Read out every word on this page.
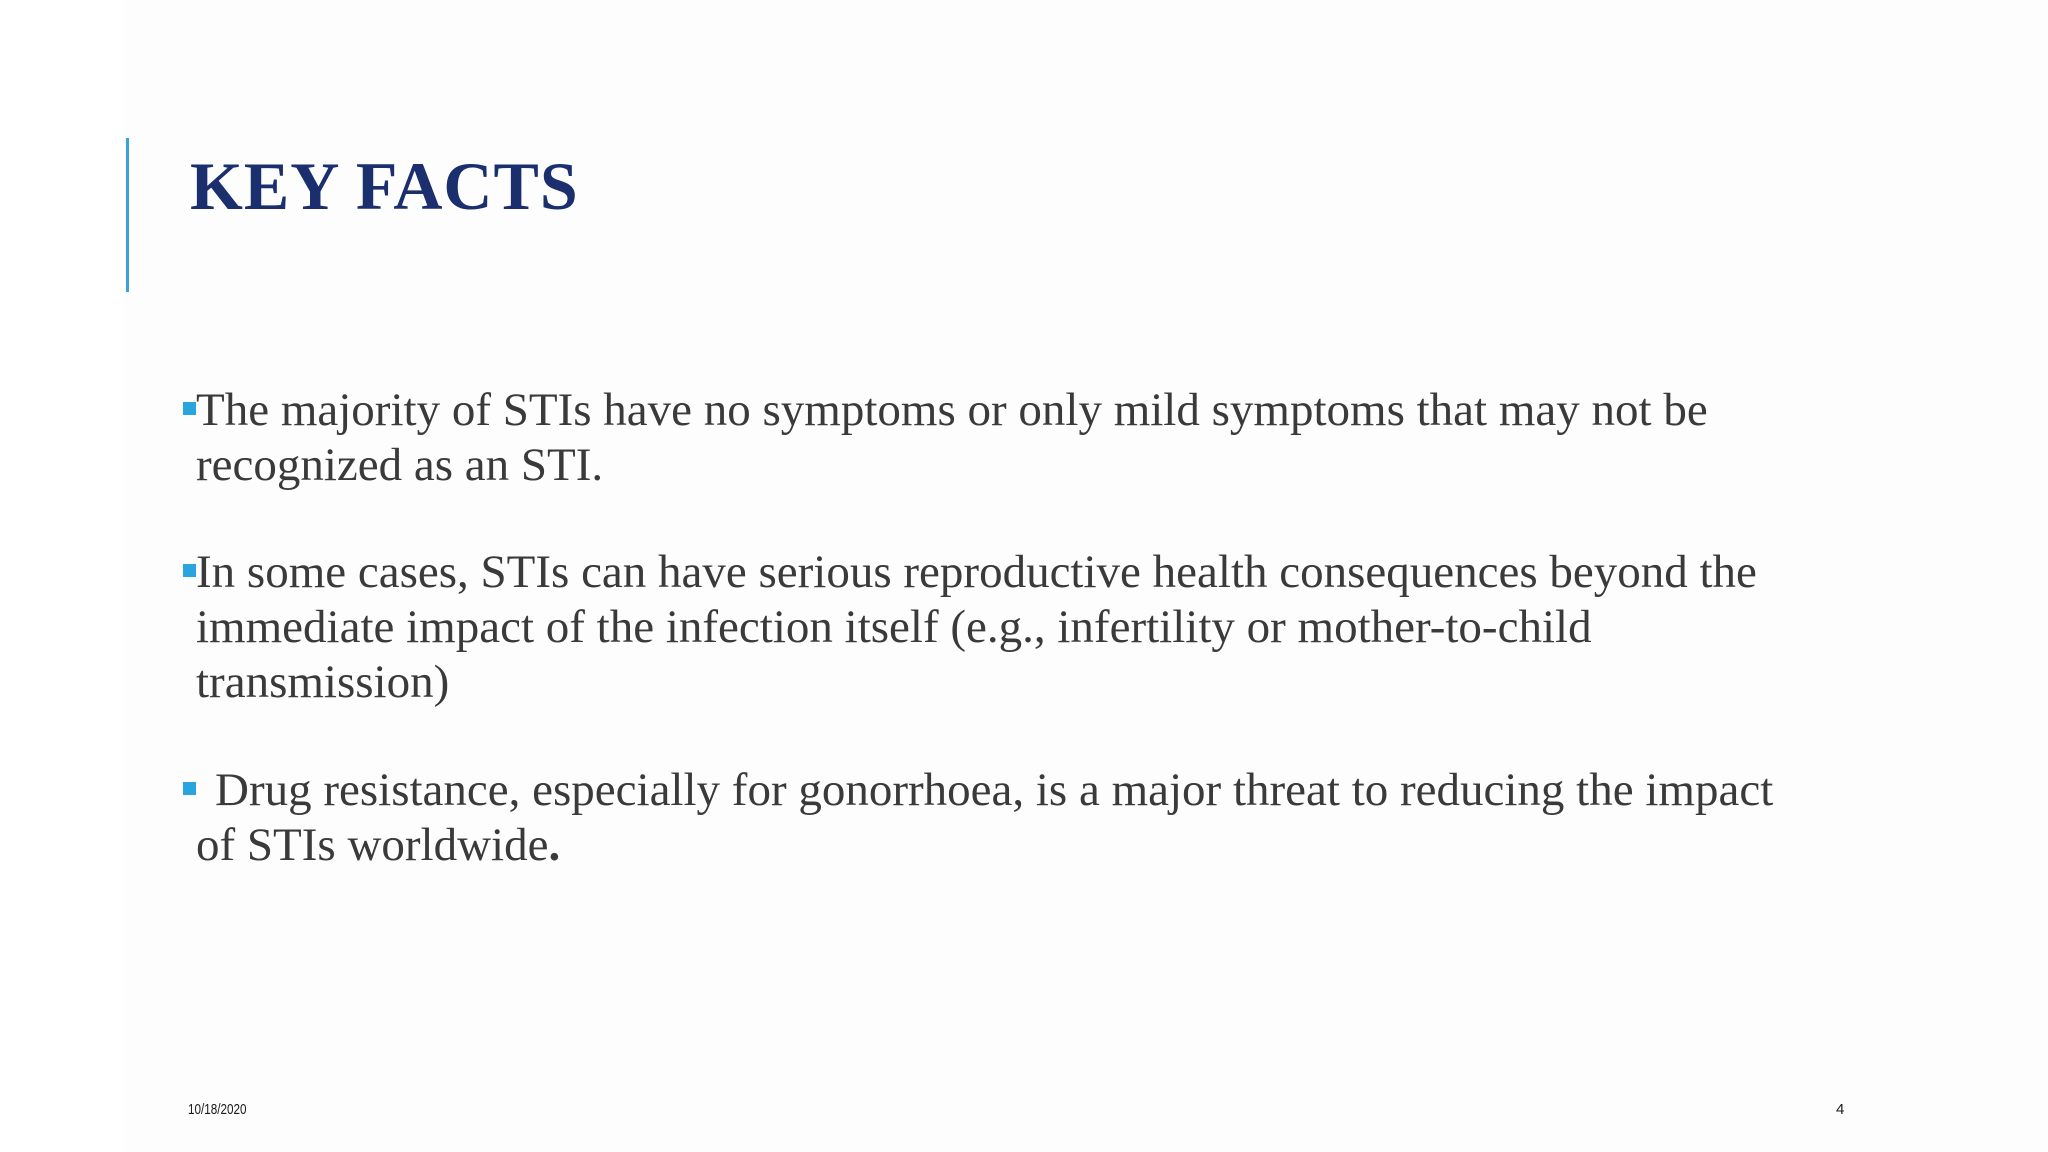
KEY FACTS
The majority of STIs have no symptoms or only mild symptoms that may not be recognized as an STI.
In some cases, STIs can have serious reproductive health consequences beyond the immediate impact of the infection itself (e.g., infertility or mother-to-child transmission)
Drug resistance, especially for gonorrhoea, is a major threat to reducing the impact of STIs worldwide.
10/18/2020	4
